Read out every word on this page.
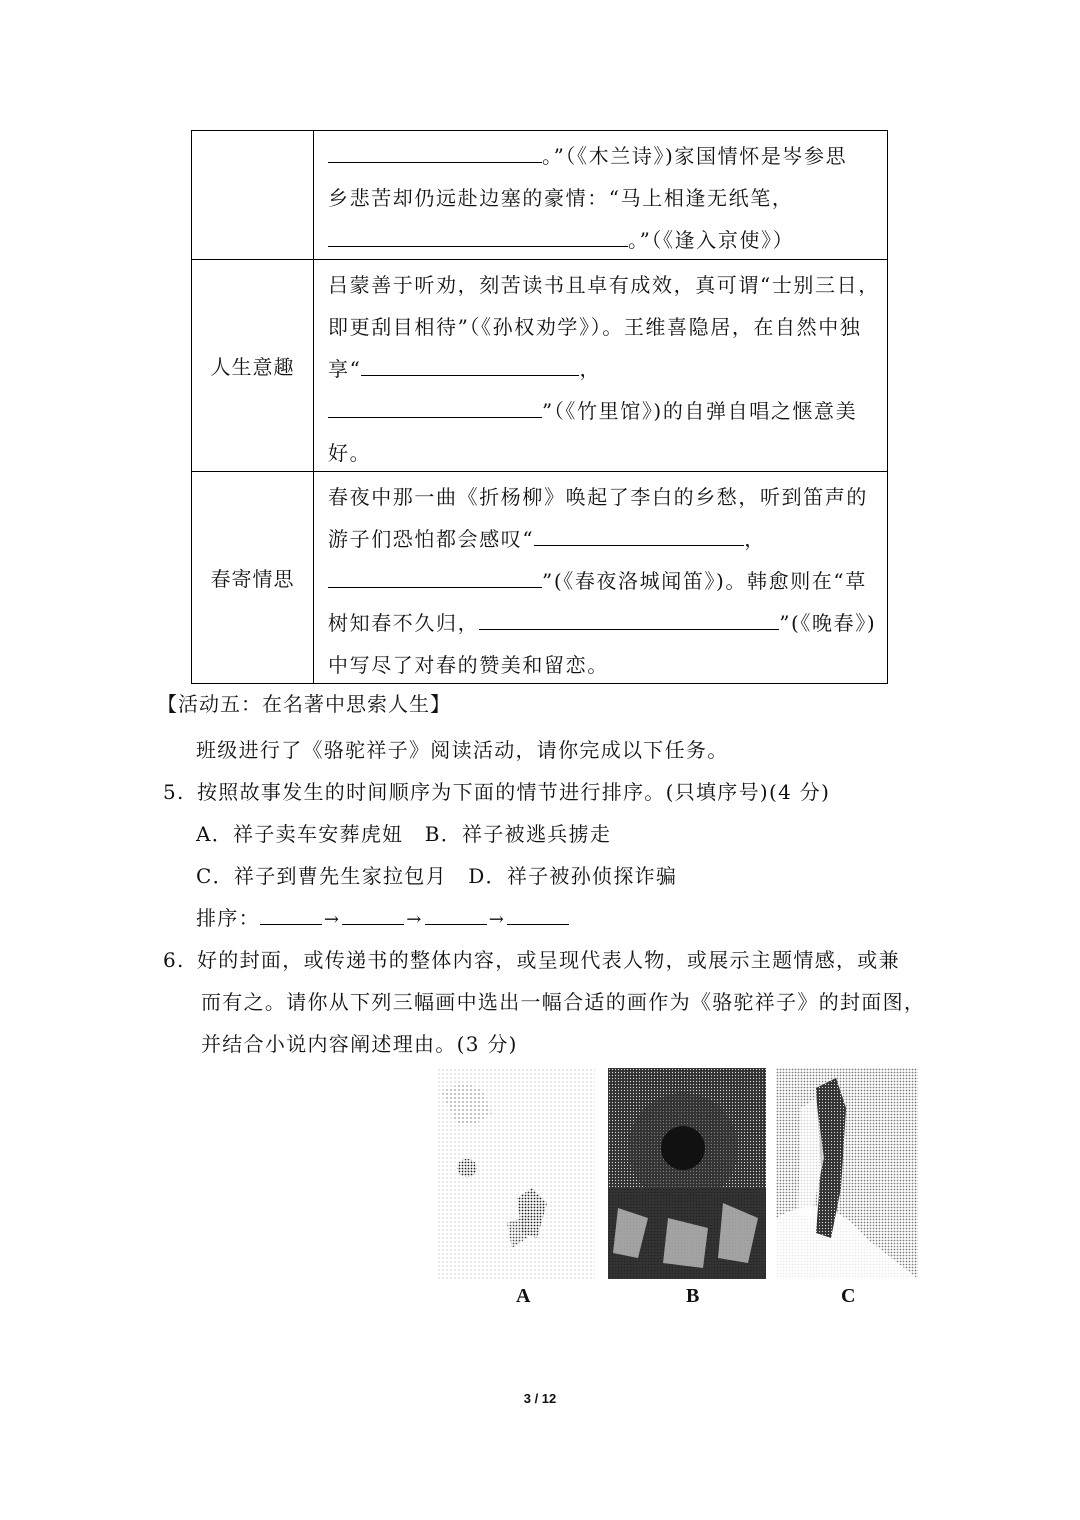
。”（《木兰诗》)家国情怀是岑参思
乡悲苦却仍远赴边塞的豪情：“马上相逢无纸笔，
。”（《逢入京使》）
人生意趣
吕蒙善于听劝，刻苦读书且卓有成效，真可谓“士别三日，
即更刮目相待”（《孙权劝学》）。王维喜隐居，在自然中独
享“	，
”（《竹里馆》)的自弹自唱之惬意美
好。
春寄情思
春夜中那一曲《折杨柳》唤起了李白的乡愁，听到笛声的
游子们恐怕都会感叹“	，
”(《春夜洛城闻笛》)。韩愈则在“草
树知春不久归，	”(《晚春》)
中写尽了对春的赞美和留恋。
【活动五：在名著中思索人生】
班级进行了《骆驼祥子》阅读活动，请你完成以下任务。
5. 按照故事发生的时间顺序为下面的情节进行排序。(只填序号)(4 分)
A．祥子卖车安葬虎妞　B．祥子被逃兵掳走
C．祥子到曹先生家拉包月　D．祥子被孙侦探诈骗
排序：	→	→	→
6. 好的封面，或传递书的整体内容，或呈现代表人物，或展示主题情感，或兼
而有之。请你从下列三幅画中选出一幅合适的画作为《骆驼祥子》的封面图，
并结合小说内容阐述理由。(3 分)
A	B	C
3 / 12
